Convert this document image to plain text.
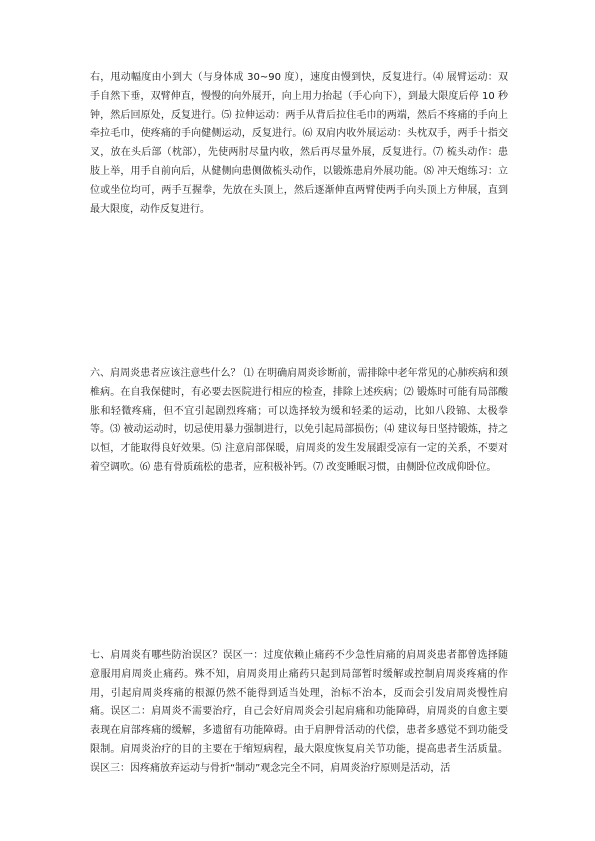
右，甩动幅度由小到大（与身体成 30~90 度），速度由慢到快，反复进行。⑷ 展臂运动：双手自然下垂，双臂伸直，慢慢的向外展开，向上用力抬起（手心向下），到最大限度后停 10 秒钟，然后回原处，反复进行。⑸ 拉伸运动：两手从背后拉住毛巾的两端，然后不疼痛的手向上牵拉毛巾，使疼痛的手向健侧运动，反复进行。⑹ 双肩内收外展运动：头枕双手，两手十指交叉，放在头后部（枕部），先使两肘尽量内收，然后再尽量外展，反复进行。⑺ 梳头动作：患肢上举，用手自前向后，从健侧向患侧做梳头动作，以锻炼患肩外展功能。⑻ 冲天炮练习：立位或坐位均可，两手互握拳，先放在头顶上，然后逐渐伸直两臂使两手向头顶上方伸展，直到最大限度，动作反复进行。

六、肩周炎患者应该注意些什么？ ⑴ 在明确肩周炎诊断前，需排除中老年常见的心肺疾病和颈椎病。在自我保健时，有必要去医院进行相应的检查，排除上述疾病；⑵ 锻炼时可能有局部酸胀和轻微疼痛，但不宜引起剧烈疼痛；可以选择较为缓和轻柔的运动，比如八段锦、太极拳等。⑶ 被动运动时，切忌使用暴力强制进行，以免引起局部损伤；⑷ 建议每日坚持锻炼，持之以恒，才能取得良好效果。⑸ 注意肩部保暖，肩周炎的发生发展跟受凉有一定的关系，不要对着空调吹。⑹ 患有骨质疏松的患者，应积极补钙。⑺ 改变睡眠习惯，由侧卧位改成仰卧位。

七、肩周炎有哪些防治误区？误区一：过度依赖止痛药不少急性肩痛的肩周炎患者都曾选择随意服用肩周炎止痛药。殊不知，肩周炎用止痛药只起到局部暂时缓解或控制肩周炎疼痛的作用，引起肩周炎疼痛的根源仍然不能得到适当处理，治标不治本，反而会引发肩周炎慢性肩痛。误区二：肩周炎不需要治疗，自己会好肩周炎会引起肩痛和功能障碍，肩周炎的自愈主要表现在肩部疼痛的缓解，多遗留有功能障碍。由于肩胛骨活动的代偿，患者多感觉不到功能受限制。肩周炎治疗的目的主要在于缩短病程，最大限度恢复肩关节功能，提高患者生活质量。误区三：因疼痛放弃运动与骨折“制动”观念完全不同，肩周炎治疗原则是活动，活
